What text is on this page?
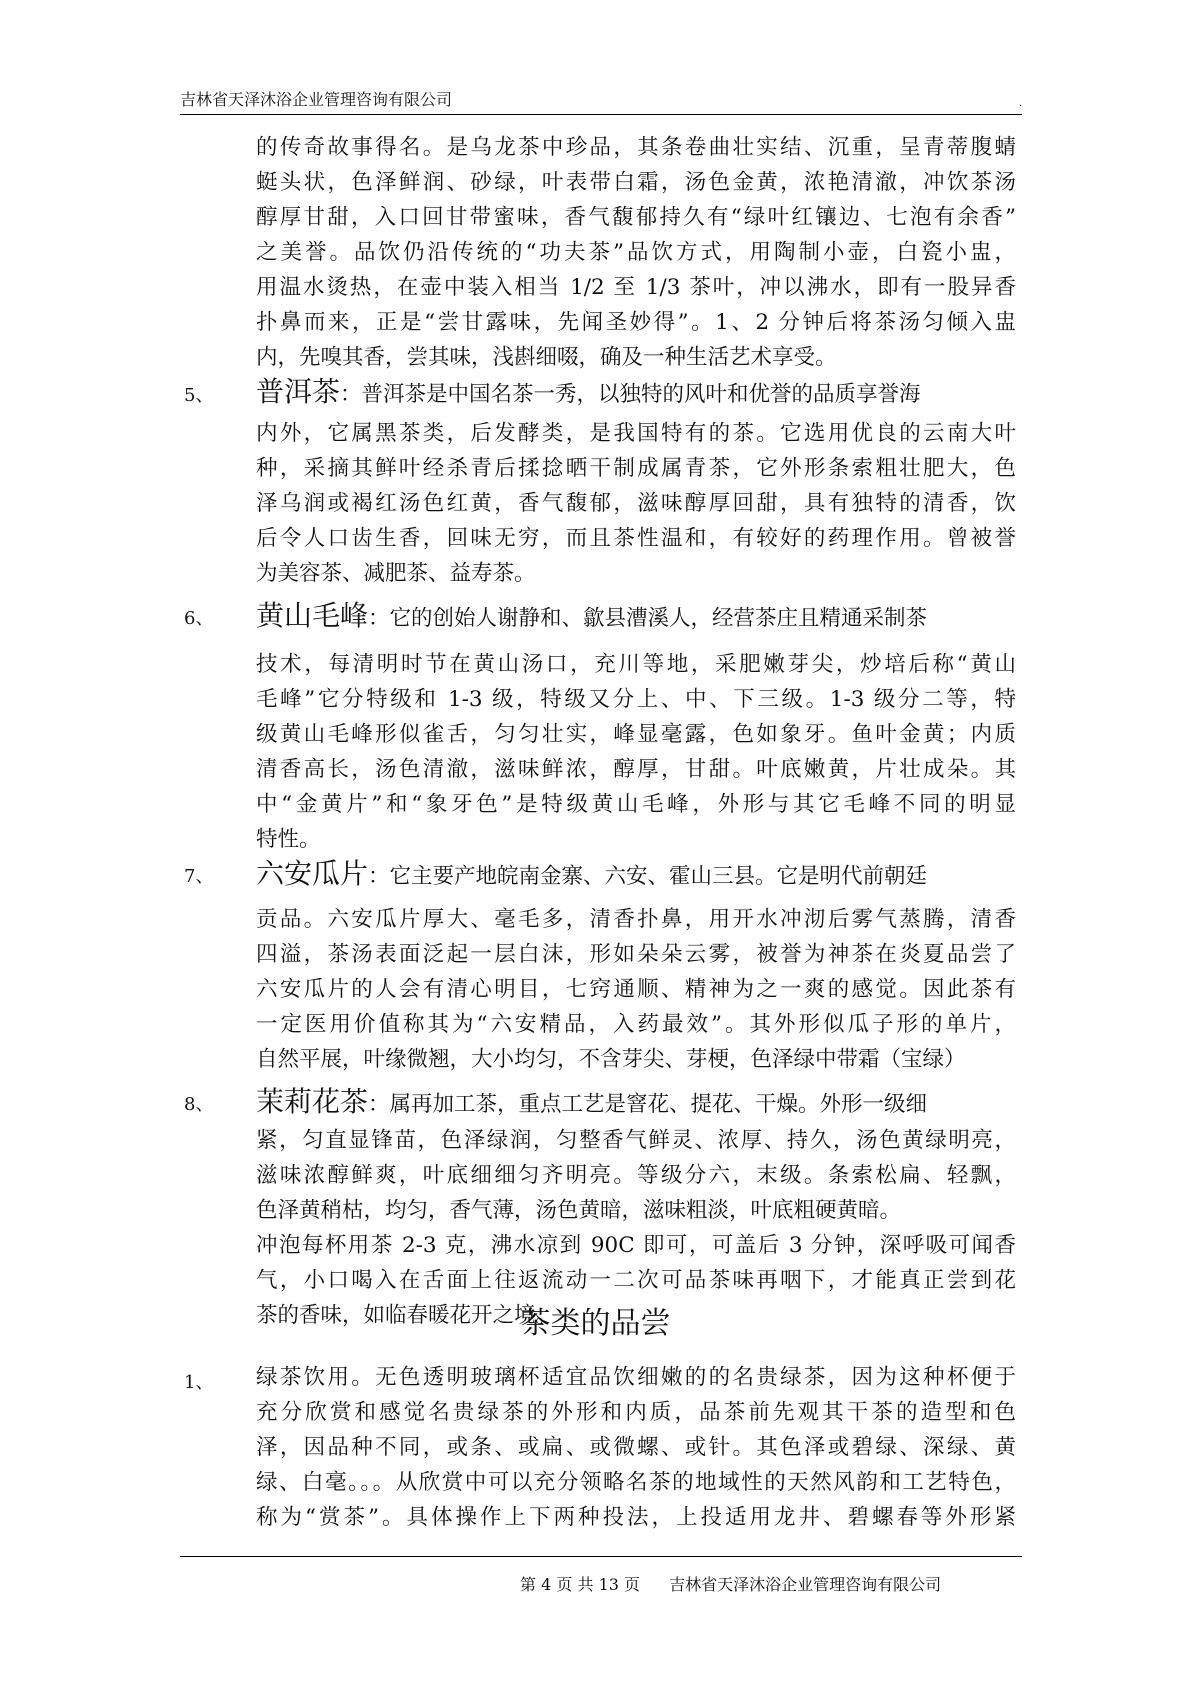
吉林省天泽沐浴企业管理咨询有限公司	.
的传奇故事得名。是乌龙茶中珍品，其条卷曲壮实结、沉重，呈青蒂腹蜻
蜓头状，色泽鲜润、砂绿，叶表带白霜，汤色金黄，浓艳清澈，冲饮茶汤
醇厚甘甜，入口回甘带蜜味，香气馥郁持久有“绿叶红镶边、七泡有余香”
之美誉。品饮仍沿传统的“功夫茶”品饮方式，用陶制小壶，白瓷小盅，
用温水烫热，在壶中装入相当 1/2 至 1/3 茶叶，冲以沸水，即有一股异香
扑鼻而来，正是“尝甘露味，先闻圣妙得”。1、2 分钟后将茶汤匀倾入盅
内，先嗅其香，尝其味，浅斟细啜，确及一种生活艺术享受。
5、 普洱茶：普洱茶是中国名茶一秀，以独特的风叶和优誉的品质享誉海
内外，它属黑茶类，后发酵类，是我国特有的茶。它选用优良的云南大叶
种，采摘其鲜叶经杀青后揉捻晒干制成属青茶，它外形条索粗壮肥大，色
泽乌润或褐红汤色红黄，香气馥郁，滋味醇厚回甜，具有独特的清香，饮
后令人口齿生香，回味无穷，而且茶性温和，有较好的药理作用。曾被誉
为美容茶、减肥茶、益寿茶。
6、 黄山毛峰：它的创始人谢静和、歙县漕溪人，经营茶庄且精通采制茶
技术，每清明时节在黄山汤口，充川等地，采肥嫩芽尖，炒培后称“黄山
毛峰”它分特级和 1-3 级，特级又分上、中、下三级。1-3 级分二等，特
级黄山毛峰形似雀舌，匀匀壮实，峰显毫露，色如象牙。鱼叶金黄；内质
清香高长，汤色清澈，滋味鲜浓，醇厚，甘甜。叶底嫩黄，片壮成朵。其
中“金黄片”和“象牙色”是特级黄山毛峰，外形与其它毛峰不同的明显
特性。
7、 六安瓜片：它主要产地皖南金寨、六安、霍山三县。它是明代前朝廷
贡品。六安瓜片厚大、毫毛多，清香扑鼻，用开水冲沏后雾气蒸腾，清香
四溢，茶汤表面泛起一层白沫，形如朵朵云雾，被誉为神茶在炎夏品尝了
六安瓜片的人会有清心明目，七窍通顺、精神为之一爽的感觉。因此茶有
一定医用价值称其为“六安精品，入药最效”。其外形似瓜子形的单片，
自然平展，叶缘微翘，大小均匀，不含芽尖、芽梗，色泽绿中带霜（宝绿）
8、 茉莉花茶：属再加工茶，重点工艺是窨花、提花、干燥。外形一级细
紧，匀直显锋苗，色泽绿润，匀整香气鲜灵、浓厚、持久，汤色黄绿明亮，
滋味浓醇鲜爽，叶底细细匀齐明亮。等级分六，末级。条索松扁、轻飘，
色泽黄稍枯，均匀，香气薄，汤色黄暗，滋味粗淡，叶底粗硬黄暗。
冲泡每杯用茶 2-3 克，沸水凉到 90C 即可，可盖后 3 分钟，深呼吸可闻香
气，小口喝入在舌面上往返流动一二次可品茶味再咽下，才能真正尝到花
茶的香味，如临春暖花开之境。
茶类的品尝
1、 绿茶饮用。无色透明玻璃杯适宜品饮细嫩的的名贵绿茶，因为这种杯便于
充分欣赏和感觉名贵绿茶的外形和内质，品茶前先观其干茶的造型和色
泽，因品种不同，或条、或扁、或微螺、或针。其色泽或碧绿、深绿、黄
绿、白毫。。。从欣赏中可以充分领略名茶的地域性的天然风韵和工艺特色，
称为“赏茶”。具体操作上下两种投法，上投适用龙井、碧螺春等外形紧
第 4 页 共 13 页 吉林省天泽沐浴企业管理咨询有限公司
